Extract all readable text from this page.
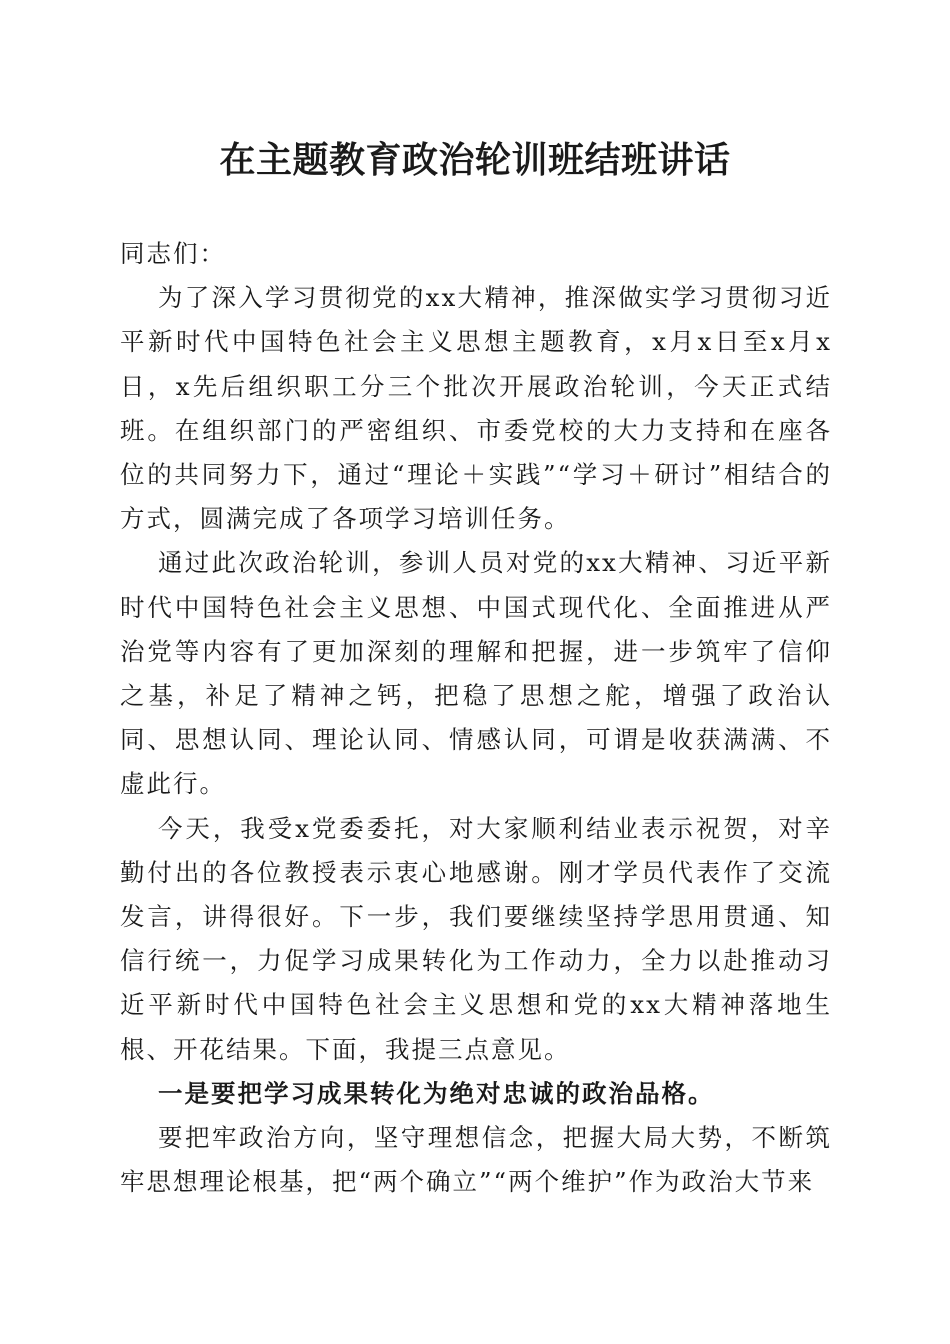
在主题教育政治轮训班结班讲话

同志们：

为了深入学习贯彻党的xx大精神，推深做实学习贯彻习近平新时代中国特色社会主义思想主题教育，x月x日至x月x日，x先后组织职工分三个批次开展政治轮训，今天正式结班。在组织部门的严密组织、市委党校的大力支持和在座各位的共同努力下，通过“理论＋实践”“学习＋研讨”相结合的方式，圆满完成了各项学习培训任务。

通过此次政治轮训，参训人员对党的xx大精神、习近平新时代中国特色社会主义思想、中国式现代化、全面推进从严治党等内容有了更加深刻的理解和把握，进一步筑牢了信仰之基，补足了精神之钙，把稳了思想之舵，增强了政治认同、思想认同、理论认同、情感认同，可谓是收获满满、不虚此行。

今天，我受x党委委托，对大家顺利结业表示祝贺，对辛勤付出的各位教授表示衷心地感谢。刚才学员代表作了交流发言，讲得很好。下一步，我们要继续坚持学思用贯通、知信行统一，力促学习成果转化为工作动力，全力以赴推动习近平新时代中国特色社会主义思想和党的xx大精神落地生根、开花结果。下面，我提三点意见。

一是要把学习成果转化为绝对忠诚的政治品格。

要把牢政治方向，坚守理想信念，把握大局大势，不断筑牢思想理论根基，把“两个确立”“两个维护”作为政治大节来
